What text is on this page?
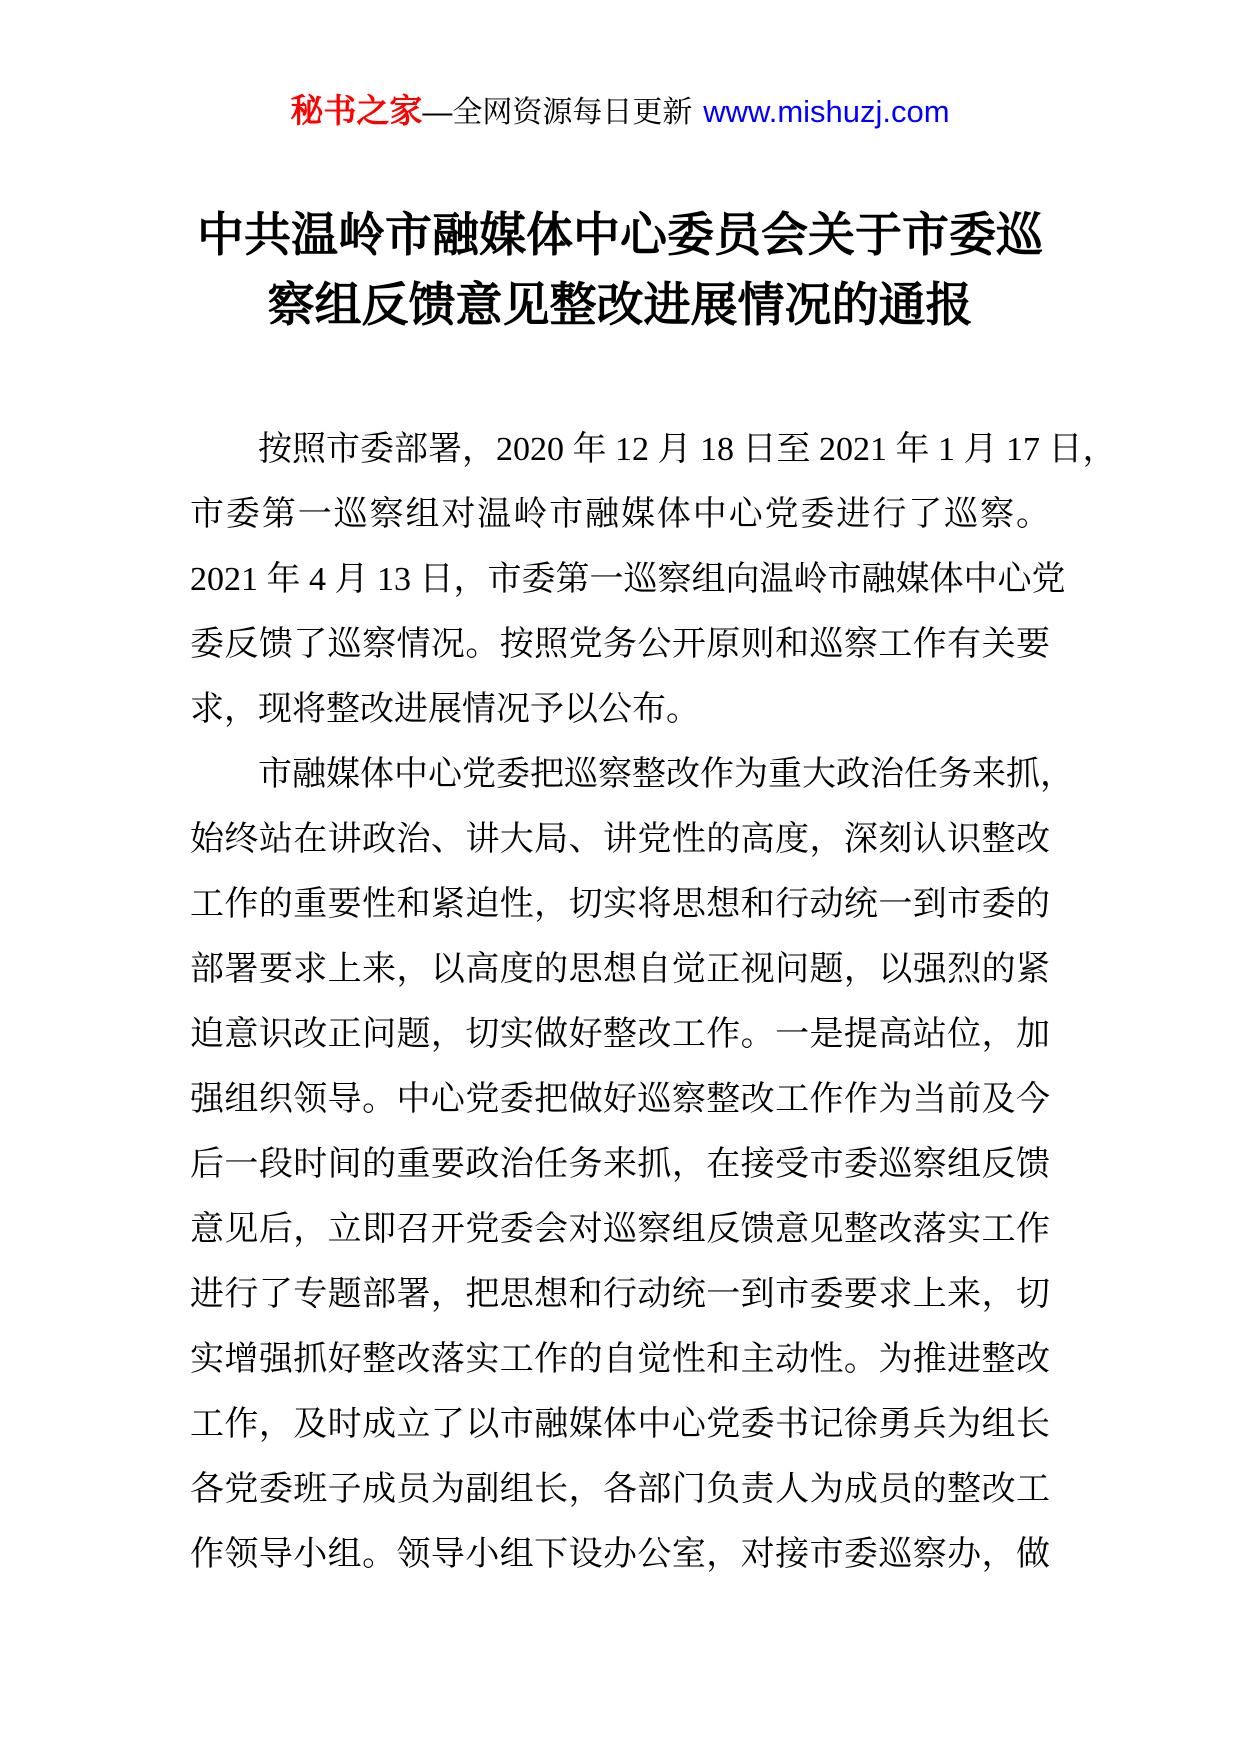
秘书之家—全网资源每日更新 www.mishuzj.com
中共温岭市融媒体中心委员会关于市委巡
察组反馈意见整改进展情况的通报
按照市委部署，2020 年 12 月 18 日至 2021 年 1 月 17 日，
市委第一巡察组对温岭市融媒体中心党委进行了巡察。
2021 年 4 月 13 日，市委第一巡察组向温岭市融媒体中心党
委反馈了巡察情况。按照党务公开原则和巡察工作有关要
求，现将整改进展情况予以公布。
市融媒体中心党委把巡察整改作为重大政治任务来抓，
始终站在讲政治、讲大局、讲党性的高度，深刻认识整改
工作的重要性和紧迫性，切实将思想和行动统一到市委的
部署要求上来，以高度的思想自觉正视问题，以强烈的紧
迫意识改正问题，切实做好整改工作。一是提高站位，加
强组织领导。中心党委把做好巡察整改工作作为当前及今
后一段时间的重要政治任务来抓，在接受市委巡察组反馈
意见后，立即召开党委会对巡察组反馈意见整改落实工作
进行了专题部署，把思想和行动统一到市委要求上来，切
实增强抓好整改落实工作的自觉性和主动性。为推进整改
工作，及时成立了以市融媒体中心党委书记徐勇兵为组长
各党委班子成员为副组长，各部门负责人为成员的整改工
作领导小组。领导小组下设办公室，对接市委巡察办，做
